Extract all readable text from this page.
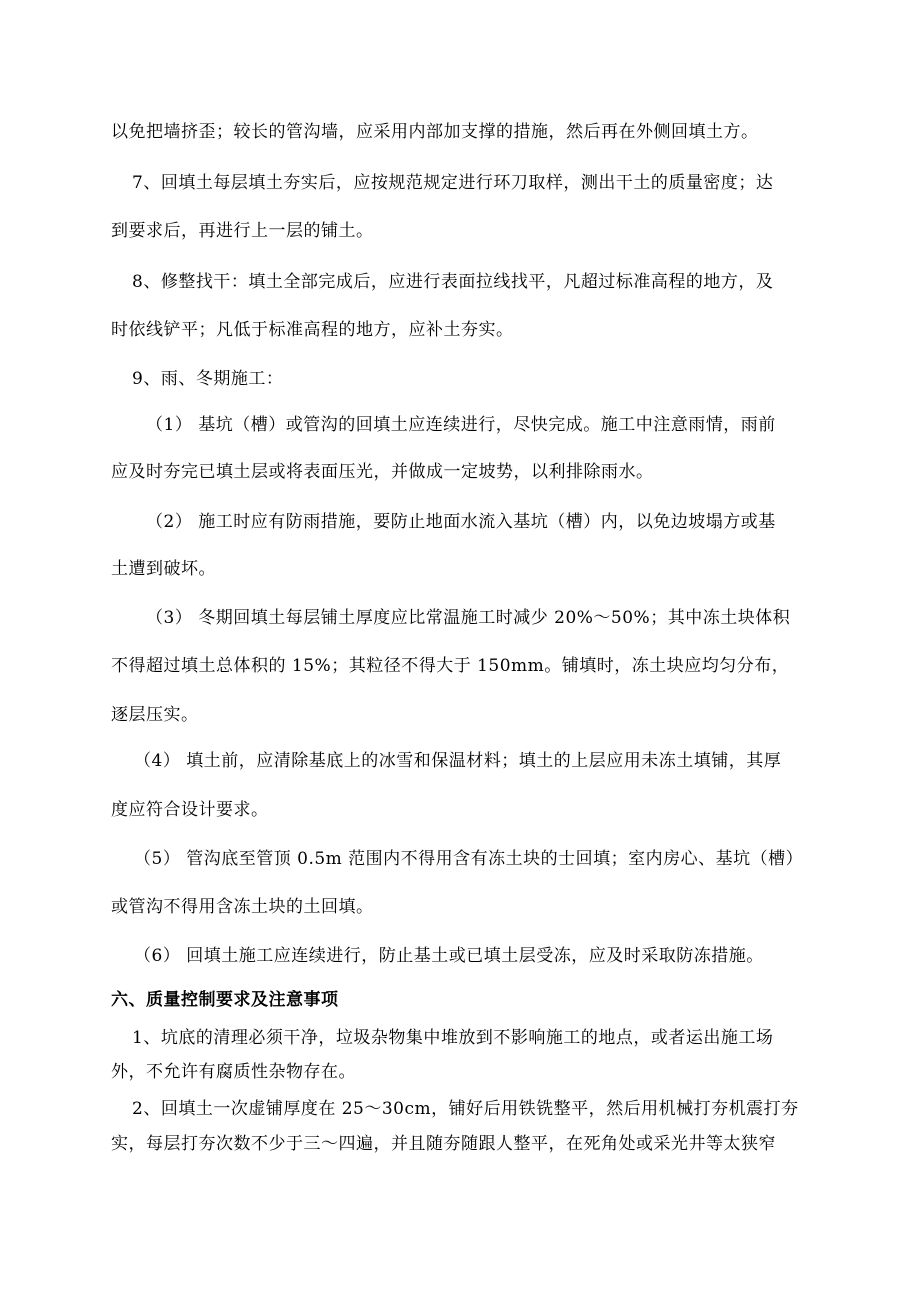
以免把墙挤歪；较长的管沟墙，应采用内部加支撑的措施，然后再在外侧回填土方。
7、回填土每层填土夯实后，应按规范规定进行环刀取样，测出干土的质量密度；达
到要求后，再进行上一层的铺土。
8、修整找干：填土全部完成后，应进行表面拉线找平，凡超过标准高程的地方，及
时依线铲平；凡低于标准高程的地方，应补土夯实。
9、雨、冬期施工：
（1） 基坑（槽）或管沟的回填土应连续进行，尽快完成。施工中注意雨情，雨前
应及时夯完已填土层或将表面压光，并做成一定坡势，以利排除雨水。
（2） 施工时应有防雨措施，要防止地面水流入基坑（槽）内，以免边坡塌方或基
土遭到破坏。
（3） 冬期回填土每层铺土厚度应比常温施工时减少 20%～50%；其中冻土块体积
不得超过填土总体积的 15%；其粒径不得大于 150mm。铺填时，冻土块应均匀分布，
逐层压实。
（4） 填土前，应清除基底上的冰雪和保温材料；填土的上层应用未冻土填铺，其厚
度应符合设计要求。
（5） 管沟底至管顶 0.5m 范围内不得用含有冻土块的士回填；室内房心、基坑（槽）
或管沟不得用含冻土块的土回填。
（6） 回填土施工应连续进行，防止基土或已填土层受冻，应及时采取防冻措施。
六、质量控制要求及注意事项
1、坑底的清理必须干净，垃圾杂物集中堆放到不影响施工的地点，或者运出施工场
外，不允许有腐质性杂物存在。
2、回填土一次虚铺厚度在 25～30cm，铺好后用铁铣整平，然后用机械打夯机震打夯
实，每层打夯次数不少于三～四遍，并且随夯随跟人整平，在死角处或采光井等太狭窄
